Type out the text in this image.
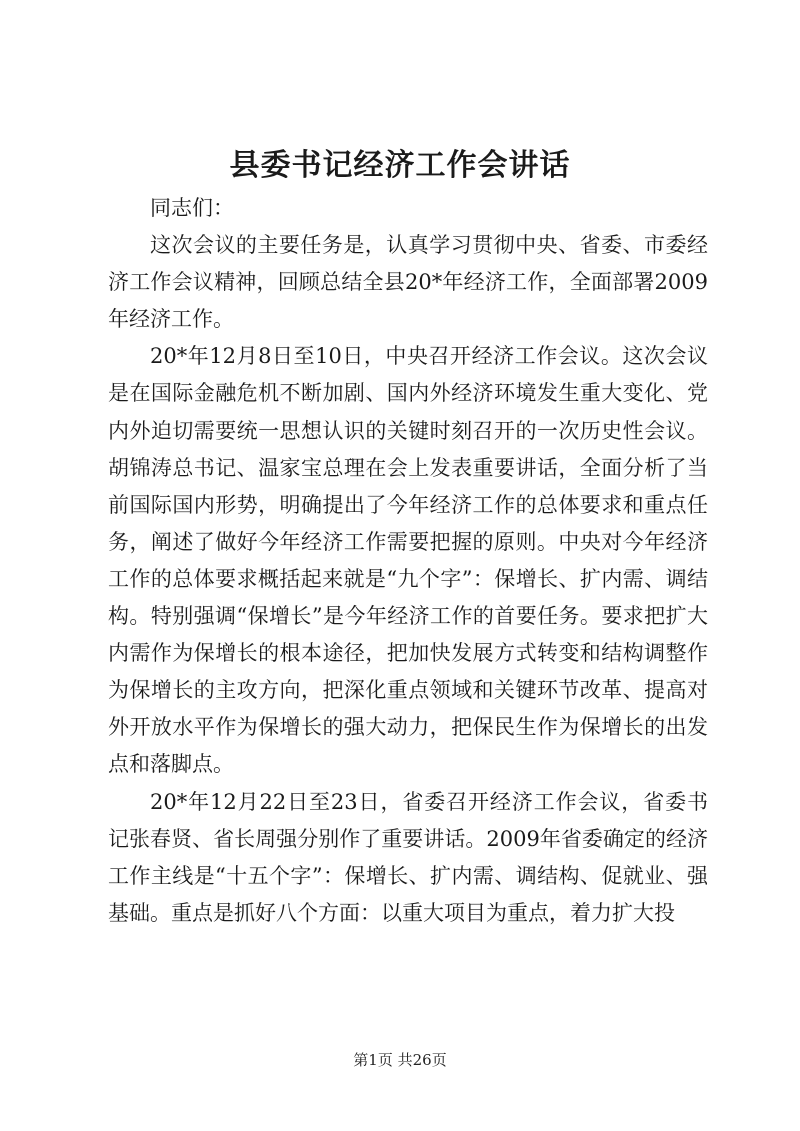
县委书记经济工作会讲话

同志们：

这次会议的主要任务是，认真学习贯彻中央、省委、市委经济工作会议精神，回顾总结全县20*年经济工作，全面部署2009年经济工作。

20*年12月8日至10日，中央召开经济工作会议。这次会议是在国际金融危机不断加剧、国内外经济环境发生重大变化、党内外迫切需要统一思想认识的关键时刻召开的一次历史性会议。胡锦涛总书记、温家宝总理在会上发表重要讲话，全面分析了当前国际国内形势，明确提出了今年经济工作的总体要求和重点任务，阐述了做好今年经济工作需要把握的原则。中央对今年经济工作的总体要求概括起来就是“九个字”：保增长、扩内需、调结构。特别强调“保增长”是今年经济工作的首要任务。要求把扩大内需作为保增长的根本途径，把加快发展方式转变和结构调整作为保增长的主攻方向，把深化重点领域和关键环节改革、提高对外开放水平作为保增长的强大动力，把保民生作为保增长的出发点和落脚点。

20*年12月22日至23日，省委召开经济工作会议，省委书记张春贤、省长周强分别作了重要讲话。2009年省委确定的经济工作主线是“十五个字”：保增长、扩内需、调结构、促就业、强基础。重点是抓好八个方面：以重大项目为重点，着力扩大投

第1页 共26页
